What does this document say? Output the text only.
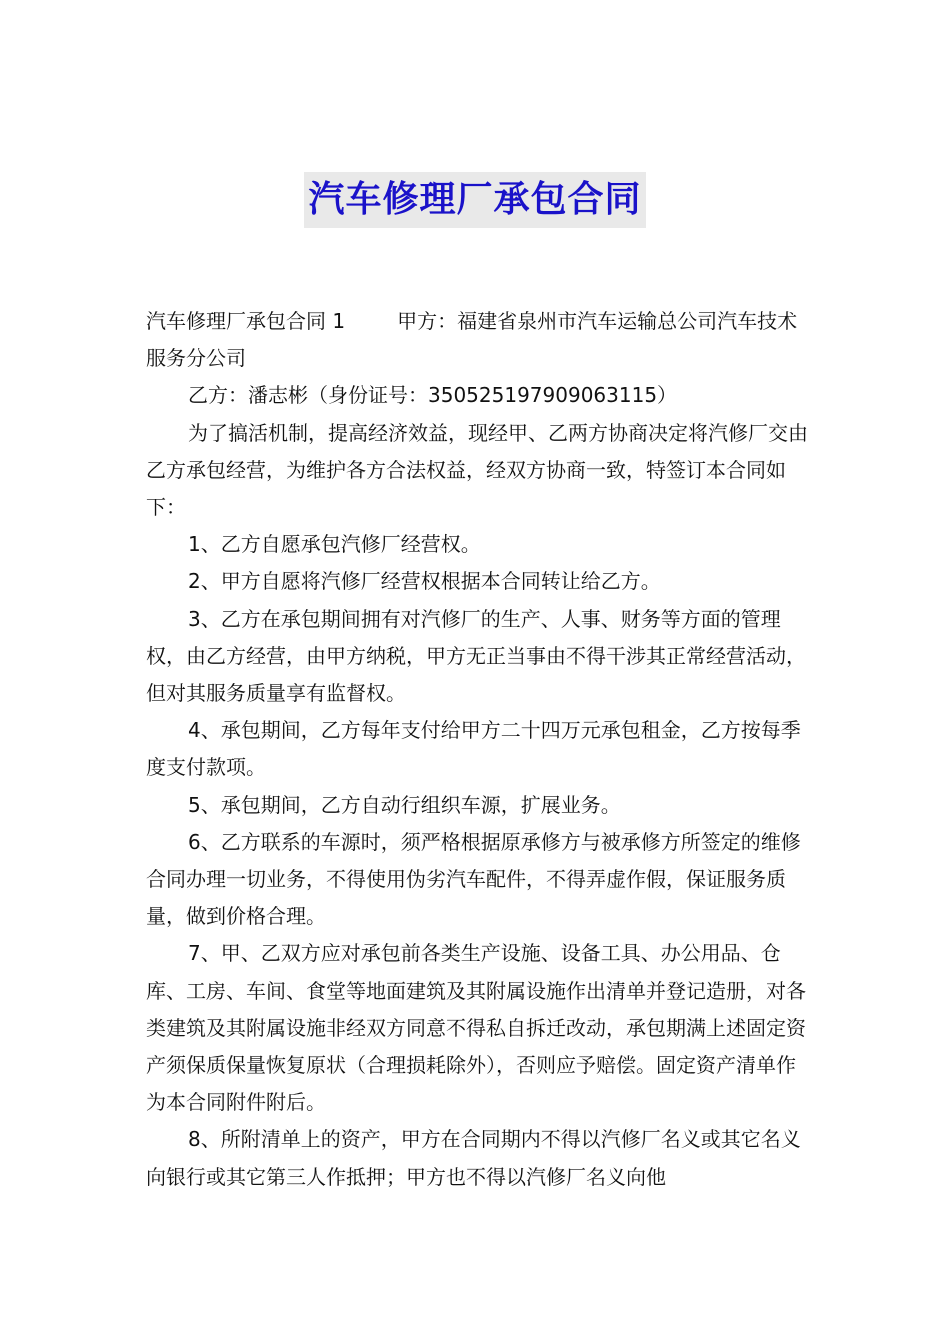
汽车修理厂承包合同

汽车修理厂承包合同 1	甲方：福建省泉州市汽车运输总公司汽车技术服务分公司

乙方：潘志彬（身份证号：350525197909063115）

为了搞活机制，提高经济效益，现经甲、乙两方协商决定将汽修厂交由乙方承包经营，为维护各方合法权益，经双方协商一致，特签订本合同如下：

1、乙方自愿承包汽修厂经营权。

2、甲方自愿将汽修厂经营权根据本合同转让给乙方。

3、乙方在承包期间拥有对汽修厂的生产、人事、财务等方面的管理权，由乙方经营，由甲方纳税，甲方无正当事由不得干涉其正常经营活动，但对其服务质量享有监督权。

4、承包期间，乙方每年支付给甲方二十四万元承包租金，乙方按每季度支付款项。

5、承包期间，乙方自动行组织车源，扩展业务。

6、乙方联系的车源时，须严格根据原承修方与被承修方所签定的维修合同办理一切业务，不得使用伪劣汽车配件，不得弄虚作假，保证服务质量，做到价格合理。

7、甲、乙双方应对承包前各类生产设施、设备工具、办公用品、仓库、工房、车间、食堂等地面建筑及其附属设施作出清单并登记造册，对各类建筑及其附属设施非经双方同意不得私自拆迁改动，承包期满上述固定资产须保质保量恢复原状（合理损耗除外），否则应予赔偿。固定资产清单作为本合同附件附后。

8、所附清单上的资产，甲方在合同期内不得以汽修厂名义或其它名义向银行或其它第三人作抵押；甲方也不得以汽修厂名义向他
